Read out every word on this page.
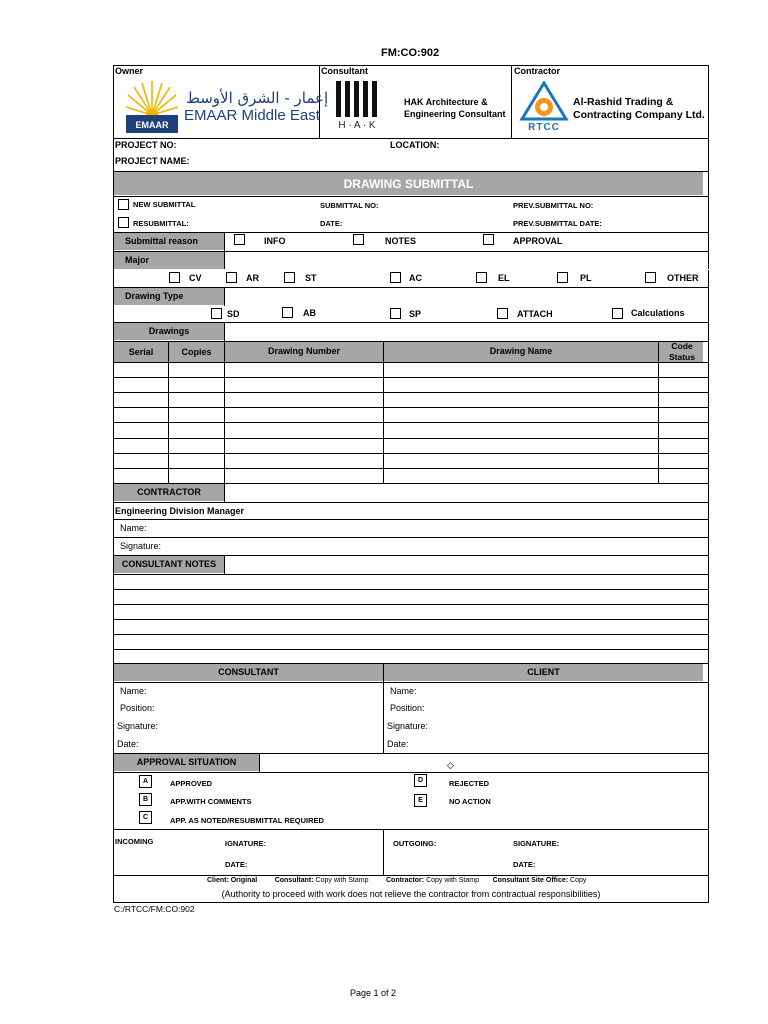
FM:CO:902
Owner	Consultant	Contractor
EMAAR
إعمار - الشرق الأوسط
EMAAR Middle East
H · A · K
HAK Architecture &
Engineering Consultant
RTCC
Al-Rashid Trading &
Contracting Company Ltd.
PROJECT NO:	LOCATION:
PROJECT NAME:
DRAWING SUBMITTAL
NEW SUBMITTAL
RESUBMITTAL:
SUBMITTAL NO:
DATE:
PREV.SUBMITTAL NO:
PREV.SUBMITTAL DATE:
Submittal reason	INFO	NOTES	APPROVAL
Major
CV	AR	ST	AC	EL	PL	OTHER
Drawing Type
SD	AB	SP	ATTACH	Calculations
Drawings
Serial	Copies	Drawing Number	Drawing Name	Code
Status
CONTRACTOR
Engineering Division Manager
Name:
Signature:
CONSULTANT NOTES
CONSULTANT	CLIENT
Name:
Position:
Signature:
Date:
Name:
Position:
Signature:
Date:
APPROVAL SITUATION	◇
A	APPROVED
B	APP.WITH COMMENTS
C	APP. AS NOTED/RESUBMITTAL REQUIRED
D	REJECTED
E	NO ACTION
INCOMING	IGNATURE:
DATE:
OUTGOING:	SIGNATURE:
DATE:
Client: Original	Consultant: Copy with Stamp	Contractor: Copy with Stamp Consultant Site Office: Copy
(Authority to proceed with work does not relieve the contractor from contractual responsibilities)
C:/RTCC/FM:CO:902
Page 1 of 2
